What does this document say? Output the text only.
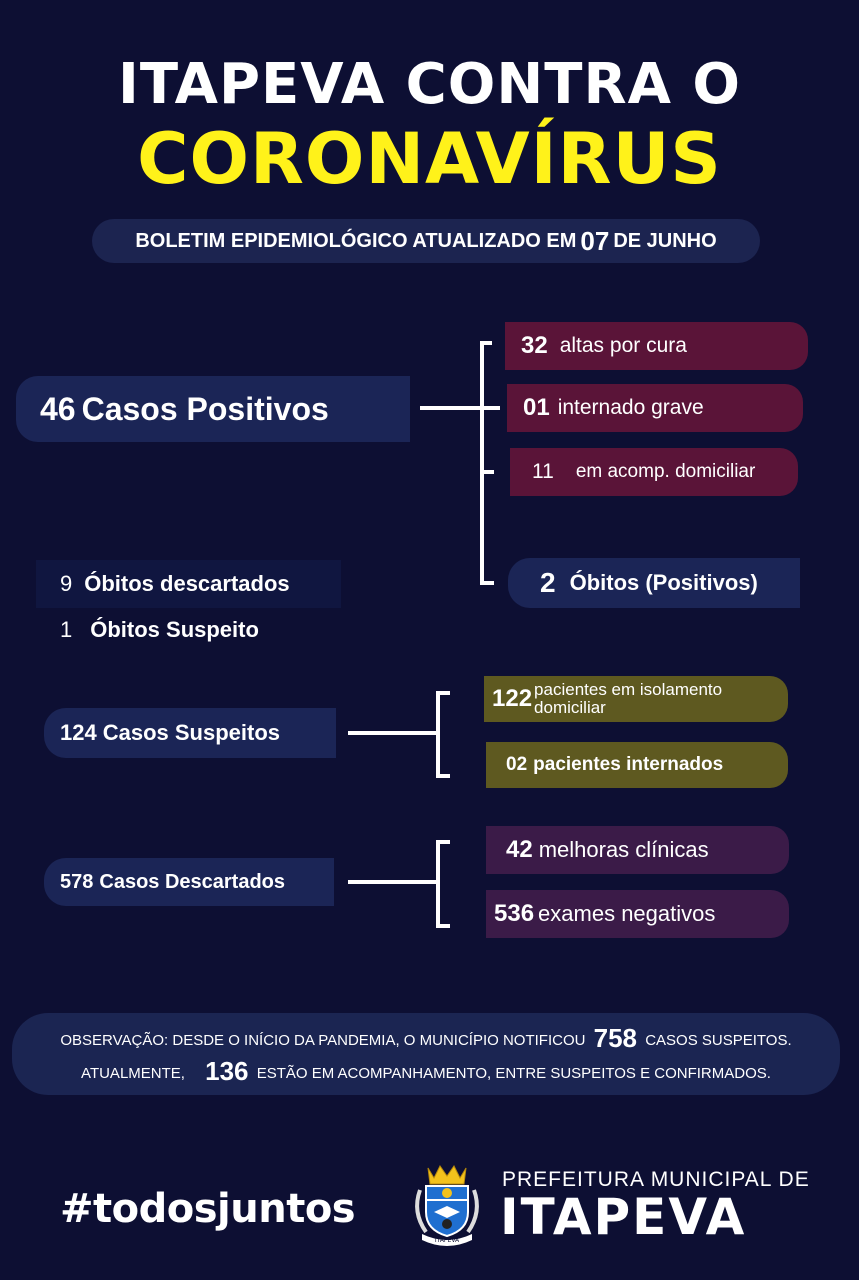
ITAPEVA CONTRA O
CORONAVÍRUS
BOLETIM EPIDEMIOLÓGICO ATUALIZADO EM 07 DE JUNHO
46 Casos Positivos
32 altas por cura
01 internado grave
11 em acomp. domiciliar
2 Óbitos (Positivos)
9 Óbitos descartados
1 Óbitos Suspeito
124 Casos Suspeitos
122 pacientes em isolamento domiciliar
02 pacientes internados
578 Casos Descartados
42 melhoras clínicas
536 exames negativos
OBSERVAÇÃO: DESDE O INÍCIO DA PANDEMIA, O MUNICÍPIO NOTIFICOU 758 CASOS SUSPEITOS.
ATUALMENTE, 136 ESTÃO EM ACOMPANHAMENTO, ENTRE SUSPEITOS E CONFIRMADOS.
#todosjuntos
ITAPEVA
PREFEITURA MUNICIPAL DE
ITAPEVA
